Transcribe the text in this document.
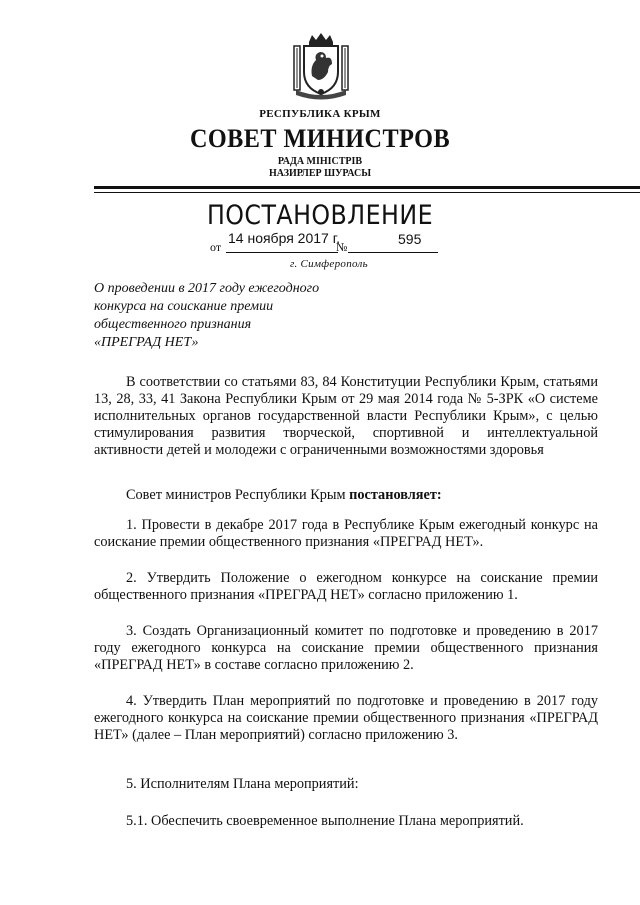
РЕСПУБЛИКА КРЫМ
СОВЕТ МИНИСТРОВ
РАДА МІНІСТРІВ
НАЗИРЛЕР ШУРАСЫ
ПОСТАНОВЛЕНИЕ
от
14 ноября 2017 г.
№	595
г. Симферополь
О проведении в 2017 году ежегодного
конкурса на соискание премии
общественного признания
«ПРЕГРАД НЕТ»

В соответствии со статьями 83, 84 Конституции Республики Крым, статьями 13, 28, 33, 41 Закона Республики Крым от 29 мая 2014 года № 5-ЗРК «О системе исполнительных органов государственной власти Республики Крым», с целью стимулирования развития творческой, спортивной и интеллектуальной активности детей и молодежи с ограниченными возможностями здоровья

Совет министров Республики Крым постановляет:

1. Провести в декабре 2017 года в Республике Крым ежегодный конкурс на соискание премии общественного признания «ПРЕГРАД НЕТ».

2. Утвердить Положение о ежегодном конкурсе на соискание премии общественного признания «ПРЕГРАД НЕТ» согласно приложению 1.

3. Создать Организационный комитет по подготовке и проведению в 2017 году ежегодного конкурса на соискание премии общественного признания «ПРЕГРАД НЕТ» в составе согласно приложению 2.

4. Утвердить План мероприятий по подготовке и проведению в 2017 году ежегодного конкурса на соискание премии общественного признания «ПРЕГРАД НЕТ» (далее – План мероприятий) согласно приложению 3.

5. Исполнителям Плана мероприятий:

5.1. Обеспечить своевременное выполнение Плана мероприятий.
